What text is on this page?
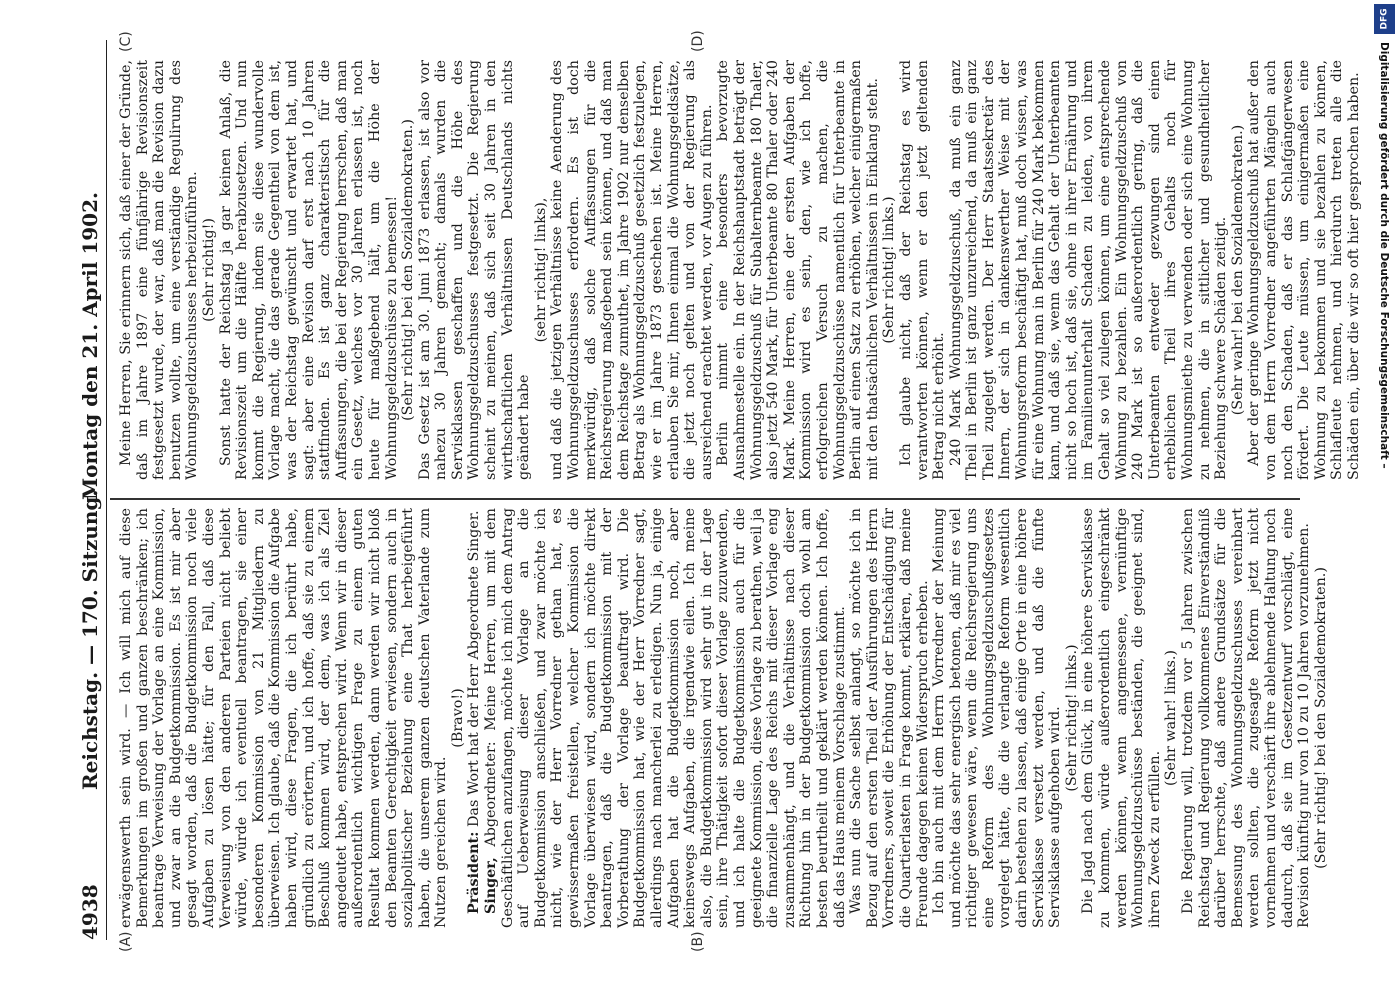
4938
Reichstag. — 170. Sitzung.
Montag den 21. April 1902.
(A)	(B)
(C)	(D)

erwägenswerth sein wird. — Ich will mich auf diese Bemerkungen im großen und ganzen beschränken; ich beantrage Verweisung der Vorlage an eine Kommission, und zwar an die Budgetkommission. Es ist mir aber gesagt worden, daß die Budgetkommission noch viele Aufgaben zu lösen hätte; für den Fall, daß diese Verweisung von den anderen Parteien nicht beliebt würde, würde ich eventuell beantragen, sie einer besonderen Kommission von 21 Mitgliedern zu überweisen. Ich glaube, daß die Kommission die Aufgabe haben wird, diese Fragen, die ich berührt habe, gründlich zu erörtern, und ich hoffe, daß sie zu einem Beschluß kommen wird, der dem, was ich als Ziel angedeutet habe, entsprechen wird. Wenn wir in dieser außerordentlich wichtigen Frage zu einem guten Resultat kommen werden, dann werden wir nicht bloß den Beamten Gerechtigkeit erwiesen, sondern auch in sozialpolitischer Beziehung eine That herbeigeführt haben, die unserem ganzen deutschen Vaterlande zum Nutzen gereichen wird.

(Bravo!)

Präsident: Das Wort hat der Herr Abgeordnete Singer.

Singer, Abgeordneter: Meine Herren, um mit dem Geschäftlichen anzufangen, möchte ich mich dem Antrag auf Ueberweisung dieser Vorlage an die Budgetkommission anschließen, und zwar möchte ich nicht, wie der Herr Vorredner gethan hat, es gewissermaßen freistellen, welcher Kommission die Vorlage überwiesen wird, sondern ich möchte direkt beantragen, daß die Budgetkommission mit der Vorberathung der Vorlage beauftragt wird. Die Budgetkommission hat, wie der Herr Vorredner sagt, allerdings nach mancherlei zu erledigen. Nun ja, einige Aufgaben hat die Budgetkommission noch, aber keineswegs Aufgaben, die irgendwie eilen. Ich meine also, die Budgetkommission wird sehr gut in der Lage sein, ihre Thätigkeit sofort dieser Vorlage zuzuwenden, und ich halte die Budgetkommission auch für die geeignete Kommission, diese Vorlage zu berathen, weil ja die finanzielle Lage des Reichs mit dieser Vorlage eng zusammenhängt, und die Verhältnisse nach dieser Richtung hin in der Budgetkommission doch wohl am besten beurtheilt und geklärt werden können. Ich hoffe, daß das Haus meinem Vorschlage zustimmt. Was nun die Sache selbst anlangt, so möchte ich in Bezug auf den ersten Theil der Ausführungen des Herrn Vorredners, soweit die Erhöhung der Entschädigung für die Quartierlasten in Frage kommt, erklären, daß meine Freunde dagegen keinen Widerspruch erheben. Ich bin auch mit dem Herrn Vorredner der Meinung und möchte das sehr energisch betonen, daß mir es viel richtiger gewesen wäre, wenn die Reichsregierung uns eine Reform des Wohnungsgeldzuschußgesetzes vorgelegt hätte, die die verlangte Reform wesentlich darin bestehen zu lassen, daß einige Orte in eine höhere Servisklasse versetzt werden, und daß die fünfte Servisklasse aufgehoben wird. (Sehr richtig! links.) Die Jagd nach dem Glück, in eine höhere Servisklasse zu kommen, würde außerordentlich eingeschränkt werden können, wenn angemessene, vernünftige Wohnungsgeldzuschüsse beständen, die geeignet sind, ihren Zweck zu erfüllen.

(Sehr wahr! links.) Die Regierung will, trotzdem vor 5 Jahren zwischen Reichstag und Regierung vollkommenes Einverständniß darüber herrschte, daß andere Grundsätze für die Bemessung des Wohnungsgeldzuschusses vereinbart werden sollten, die zugesagte Reform jetzt nicht vornehmen und verschärft ihre ablehnende Haltung noch dadurch, daß sie im Gesetzentwurf vorschlägt, eine Revision künftig nur von 10 zu 10 Jahren vorzunehmen. (Sehr richtig! bei den Sozialdemokraten.)

Meine Herren, Sie erinnern sich, daß einer der Gründe, daß im Jahre 1897 eine fünfjährige Revisionszeit festgesetzt wurde, der war, daß man die Revision dazu benutzen wollte, um eine verständige Regulirung des Wohnungsgeldzuschusses herbeizuführen. (Sehr richtig!) Sonst hatte der Reichstag ja gar keinen Anlaß, die Revisionszeit um die Hälfte herabzusetzen. Und nun kommt die Regierung, indem sie diese wundervolle Vorlage macht, die das gerade Gegentheil von dem ist, was der Reichstag gewünscht und erwartet hat, und sagt: aber eine Revision darf erst nach 10 Jahren stattfinden. Es ist ganz charakteristisch für die Auffassungen, die bei der Regierung herrschen, daß man ein Gesetz, welches vor 30 Jahren erlassen ist, noch heute für maßgebend hält, um die Höhe der Wohnungsgeldzuschüsse zu bemessen! (Sehr richtig! bei den Sozialdemokraten.) Das Gesetz ist am 30. Juni 1873 erlassen, ist also vor nahezu 30 Jahren gemacht; damals wurden die Servisklassen geschaffen und die Höhe des Wohnungsgeldzuschusses festgesetzt. Die Regierung scheint zu meinen, daß sich seit 30 Jahren in den wirthschaftlichen Verhältnissen Deutschlands nichts geändert habe

(sehr richtig! links), und daß die jetzigen Verhältnisse keine Aenderung des Wohnungsgeldzuschusses erfordern. Es ist doch merkwürdig, daß solche Auffassungen für die Reichsregierung maßgebend sein können, und daß man dem Reichstage zumuthet, im Jahre 1902 nur denselben Betrag als Wohnungsgeldzuschuß gesetzlich festzulegen, wie er im Jahre 1873 geschehen ist. Meine Herren, erlauben Sie mir, Ihnen einmal die Wohnungsgeldsätze, die jetzt noch gelten und von der Regierung als ausreichend erachtet werden, vor Augen zu führen. Berlin nimmt eine besonders bevorzugte Ausnahmestelle ein. In der Reichshauptstadt beträgt der Wohnungsgeldzuschuß für Subalternbeamte 180 Thaler, also jetzt 540 Mark, für Unterbeamte 80 Thaler oder 240 Mark. Meine Herren, eine der ersten Aufgaben der Kommission wird es sein, den, wie ich hoffe, erfolgreichen Versuch zu machen, die Wohnungsgeldzuschüsse namentlich für Unterbeamte in Berlin auf einen Satz zu erhöhen, welcher einigermaßen mit den thatsächlichen Verhältnissen in Einklang steht. (Sehr richtig! links.) Ich glaube nicht, daß der Reichstag es wird verantworten können, wenn er den jetzt geltenden Betrag nicht erhöht. 240 Mark Wohnungsgeldzuschuß, da muß ein ganz Theil in Berlin ist ganz unzureichend, da muß ein ganz Theil zugelegt werden. Der Herr Staatssekretär des Innern, der sich in dankenswerther Weise mit der Wohnungsreform beschäftigt hat, muß doch wissen, was für eine Wohnung man in Berlin für 240 Mark bekommen kann, und daß sie, wenn das Gehalt der Unterbeamten nicht so hoch ist, daß sie, ohne in ihrer Ernährung und im Familienunterhalt Schaden zu leiden, von ihrem Gehalt so viel zulegen können, um eine entsprechende Wohnung zu bezahlen. Ein Wohnungsgeldzuschuß von 240 Mark ist so außerordentlich gering, daß die Unterbeamten entweder gezwungen sind einen erheblichen Theil ihres Gehalts noch für Wohnungsmiethe zu verwenden oder sich eine Wohnung zu nehmen, die in sittlicher und gesundheitlicher Beziehung schwere Schäden zeitigt. (Sehr wahr! bei den Sozialdemokraten.) Aber der geringe Wohnungsgeldzuschuß hat außer den von dem Herrn Vorredner angeführten Mängeln auch noch den Schaden, daß er das Schlafgängerwesen fördert. Die Leute müssen, um einigermaßen eine Wohnung zu bekommen und sie bezahlen zu können, Schlafleute nehmen, und hierdurch treten alle die Schäden ein, über die wir so oft hier gesprochen haben.

DFG
Digitalisierung gefördert durch die Deutsche Forschungsgemeinschaft –
